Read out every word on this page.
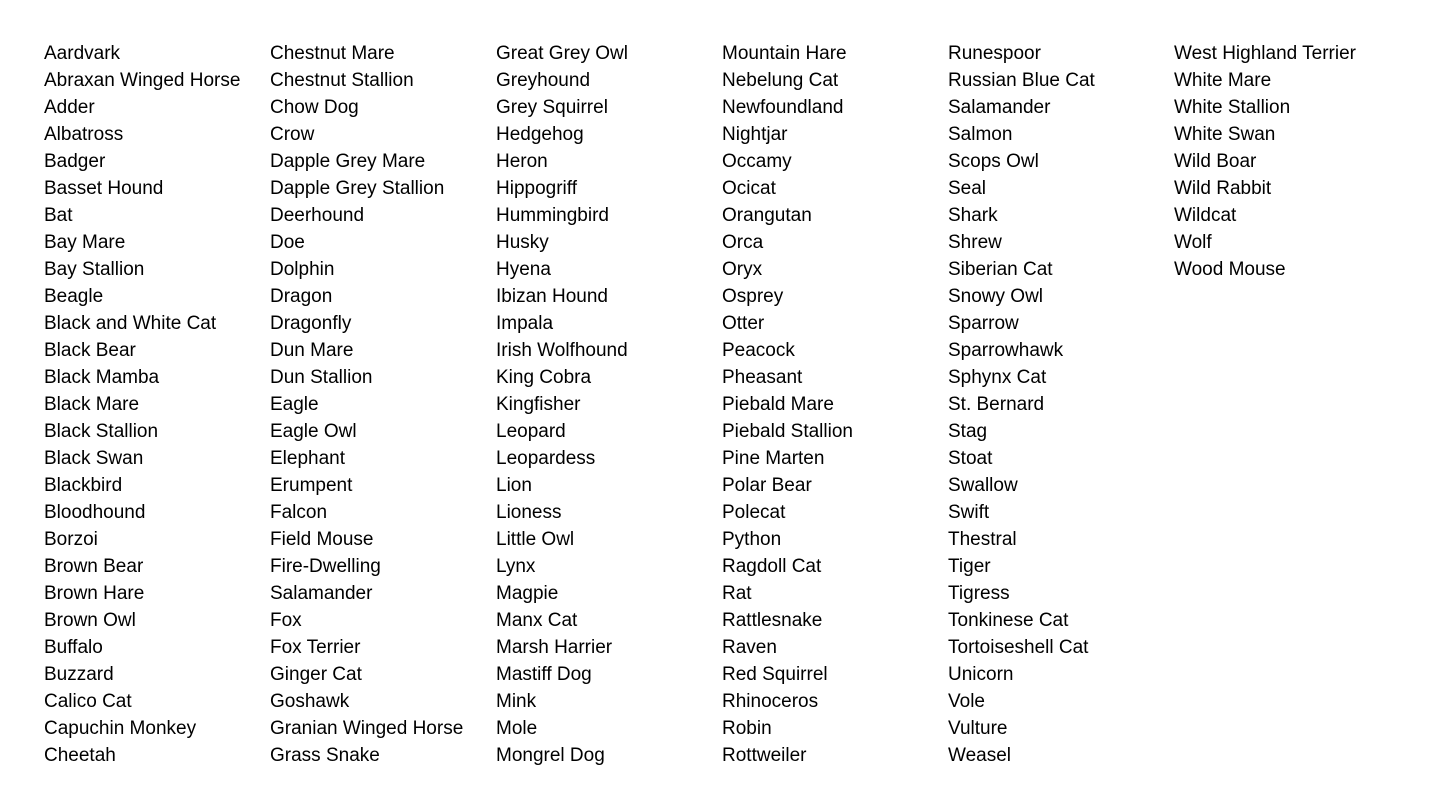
Aardvark
Abraxan Winged Horse
Adder
Albatross
Badger
Basset Hound
Bat
Bay Mare
Bay Stallion
Beagle
Black and White Cat
Black Bear
Black Mamba
Black Mare
Black Stallion
Black Swan
Blackbird
Bloodhound
Borzoi
Brown Bear
Brown Hare
Brown Owl
Buffalo
Buzzard
Calico Cat
Capuchin Monkey
Cheetah
Chestnut Mare
Chestnut Stallion
Chow Dog
Crow
Dapple Grey Mare
Dapple Grey Stallion
Deerhound
Doe
Dolphin
Dragon
Dragonfly
Dun Mare
Dun Stallion
Eagle
Eagle Owl
Elephant
Erumpent
Falcon
Field Mouse
Fire-Dwelling
Salamander
Fox
Fox Terrier
Ginger Cat
Goshawk
Granian Winged Horse
Grass Snake
Great Grey Owl
Greyhound
Grey Squirrel
Hedgehog
Heron
Hippogriff
Hummingbird
Husky
Hyena
Ibizan Hound
Impala
Irish Wolfhound
King Cobra
Kingfisher
Leopard
Leopardess
Lion
Lioness
Little Owl
Lynx
Magpie
Manx Cat
Marsh Harrier
Mastiff Dog
Mink
Mole
Mongrel Dog
Mountain Hare
Nebelung Cat
Newfoundland
Nightjar
Occamy
Ocicat
Orangutan
Orca
Oryx
Osprey
Otter
Peacock
Pheasant
Piebald Mare
Piebald Stallion
Pine Marten
Polar Bear
Polecat
Python
Ragdoll Cat
Rat
Rattlesnake
Raven
Red Squirrel
Rhinoceros
Robin
Rottweiler
Runespoor
Russian Blue Cat
Salamander
Salmon
Scops Owl
Seal
Shark
Shrew
Siberian Cat
Snowy Owl
Sparrow
Sparrowhawk
Sphynx Cat
St. Bernard
Stag
Stoat
Swallow
Swift
Thestral
Tiger
Tigress
Tonkinese Cat
Tortoiseshell Cat
Unicorn
Vole
Vulture
Weasel
West Highland Terrier
White Mare
White Stallion
White Swan
Wild Boar
Wild Rabbit
Wildcat
Wolf
Wood Mouse
